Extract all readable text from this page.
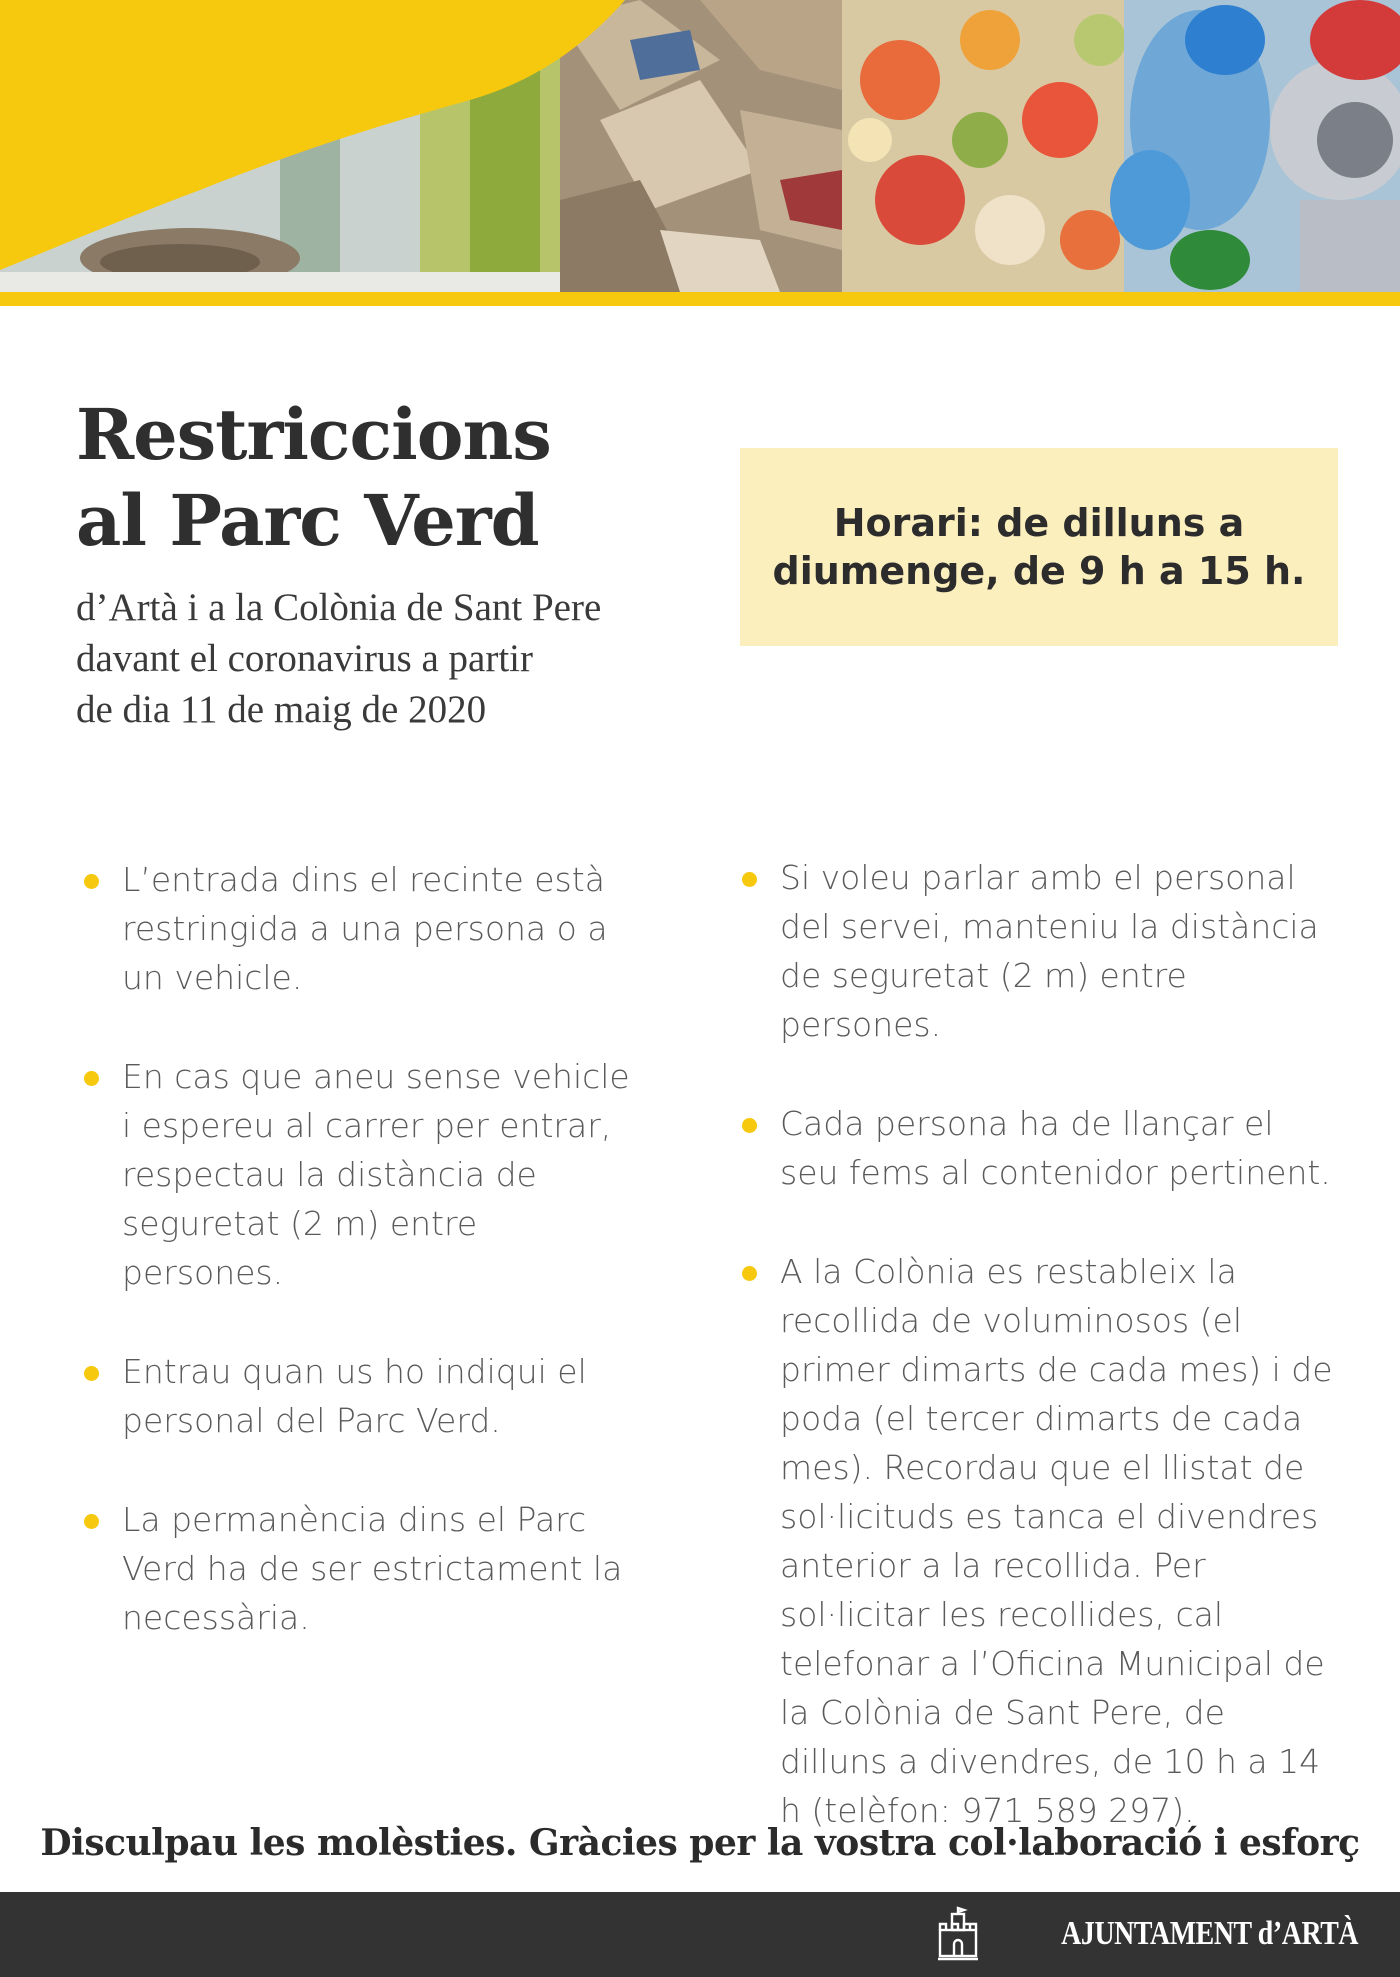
Restriccions
al Parc Verd
d’Artà i a la Colònia de Sant Pere
davant el coronavirus a partir
de dia 11 de maig de 2020
Horari: de dilluns a diumenge, de 9 h a 15 h.
L’entrada dins el recinte està restringida a una persona o a un vehicle.
En cas que aneu sense vehicle i espereu al carrer per entrar, respectau la distància de seguretat (2 m) entre persones.
Entrau quan us ho indiqui el personal del Parc Verd.
La permanència dins el Parc Verd ha de ser estrictament la necessària.
Si voleu parlar amb el personal del servei, manteniu la distància de seguretat (2 m) entre persones.
Cada persona ha de llançar el seu fems al contenidor pertinent.
A la Colònia es restableix la recollida de voluminosos (el primer dimarts de cada mes) i de poda (el tercer dimarts de cada mes). Recordau que el llistat de sol·licituds es tanca el divendres anterior a la recollida. Per sol·licitar les recollides, cal telefonar a l’Oficina Municipal de la Colònia de Sant Pere, de dilluns a divendres, de 10 h a 14 h (telèfon: 971 589 297).
Disculpau les molèsties. Gràcies per la vostra col·laboració i esforç
AJUNTAMENT d’ARTÀ
